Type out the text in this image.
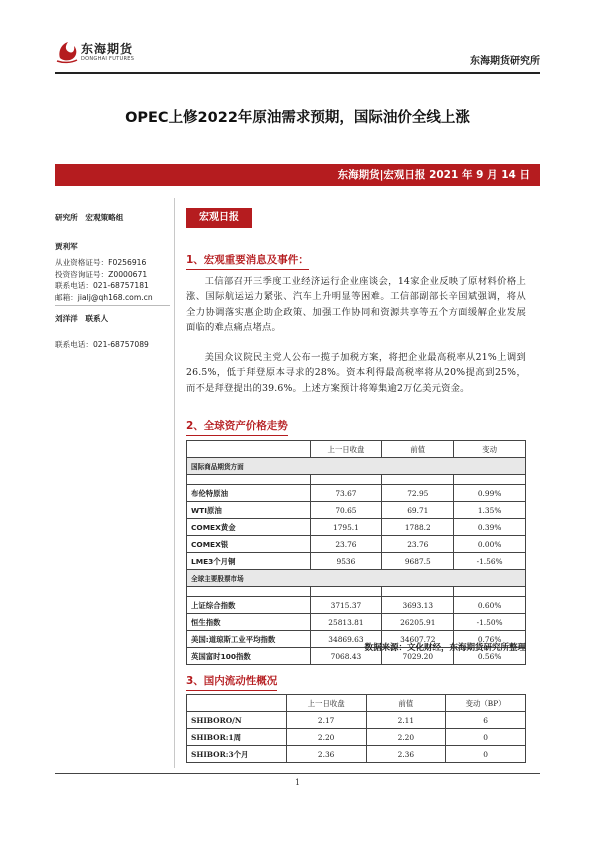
东海期货
DONGHAI FUTURES	东海期货研究所
OPEC上修2022年原油需求预期，国际油价全线上涨
东海期货|宏观日报 2021 年 9 月 14 日
研究所　宏观策略组
贾利军
从业资格证号：F0256916
投资咨询证号：Z0000671
联系电话：021-68757181
邮箱：jialj@qh168.com.cn
刘洋洋　联系人
联系电话：021-68757089
宏观日报
1、宏观重要消息及事件：
工信部召开三季度工业经济运行企业座谈会，14家企业反映了原材料价格上涨、国际航运运力紧张、汽车上升明显等困难。工信部副部长辛国斌强调，将从全力协调落实惠企助企政策、加强工作协同和资源共享等五个方面缓解企业发展面临的难点痛点堵点。
美国众议院民主党人公布一揽子加税方案，将把企业最高税率从21%上调到26.5%，低于拜登原本寻求的28%。资本利得最高税率将从20%提高到25%，而不是拜登提出的39.6%。上述方案预计将筹集逾2万亿美元资金。
2、全球资产价格走势
	上一日收盘	前值	变动
国际商品期货方面			

布伦特原油	73.67	72.95	0.99%
WTI原油	70.65	69.71	1.35%
COMEX黄金	1795.1	1788.2	0.39%
COMEX银	23.76	23.76	0.00%
LME3个月铜	9536	9687.5	-1.56%
全球主要股票市场			

上证综合指数	3715.37	3693.13	0.60%
恒生指数	25813.81	26205.91	-1.50%
美国:道琼斯工业平均指数	34869.63	34607.72	0.76%
英国富时100指数	7068.43	7029.20	0.56%
数据来源：文化财经，东海期货研究所整理
3、国内流动性概况
	上一日收盘	前值	变动（BP）
SHIBORO/N	2.17	2.11	6
SHIBOR:1周	2.20	2.20	0
SHIBOR:3个月	2.36	2.36	0
1
